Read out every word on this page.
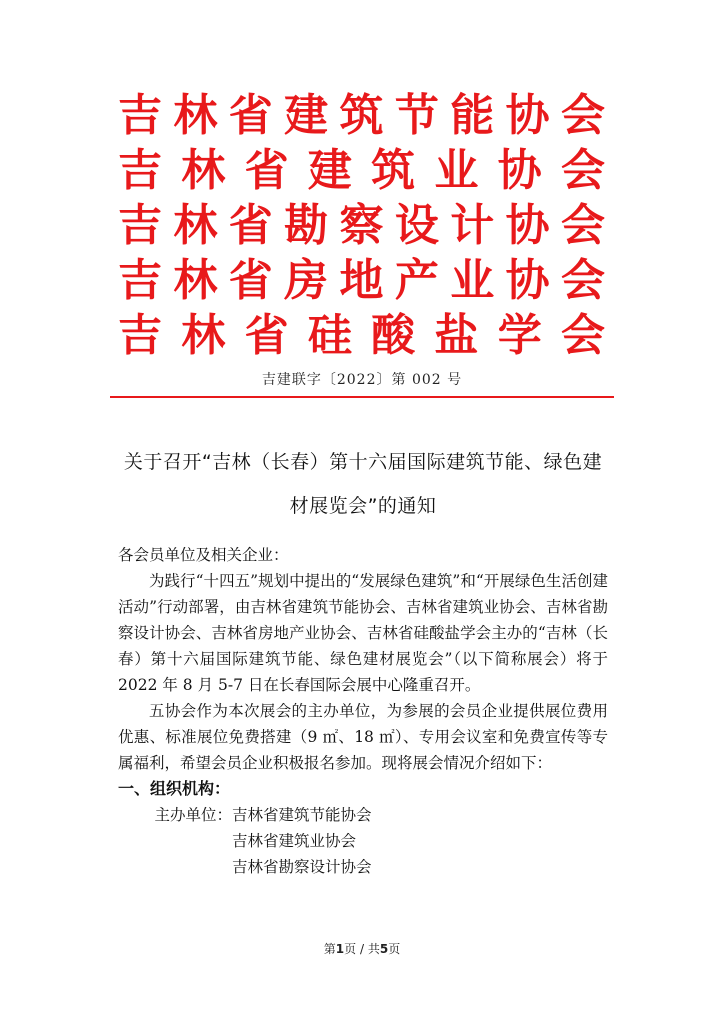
吉林省建筑节能协会
吉林省建筑业协会
吉林省勘察设计协会
吉林省房地产业协会
吉林省硅酸盐学会
吉建联字〔2022〕第 002 号
关于召开“吉林（长春）第十六届国际建筑节能、绿色建
材展览会”的通知

各会员单位及相关企业：

为践行“十四五”规划中提出的“发展绿色建筑”和“开展绿色生活创建活动”行动部署，由吉林省建筑节能协会、吉林省建筑业协会、吉林省勘察设计协会、吉林省房地产业协会、吉林省硅酸盐学会主办的“吉林（长春）第十六届国际建筑节能、绿色建材展览会”（以下简称展会）将于 2022 年 8 月 5-7 日在长春国际会展中心隆重召开。

五协会作为本次展会的主办单位，为参展的会员企业提供展位费用优惠、标准展位免费搭建（9 ㎡、18 ㎡）、专用会议室和免费宣传等专属福利，希望会员企业积极报名参加。现将展会情况介绍如下：

一、组织机构：

主办单位： 吉林省建筑节能协会
吉林省建筑业协会
吉林省勘察设计协会
第1页 / 共5页
